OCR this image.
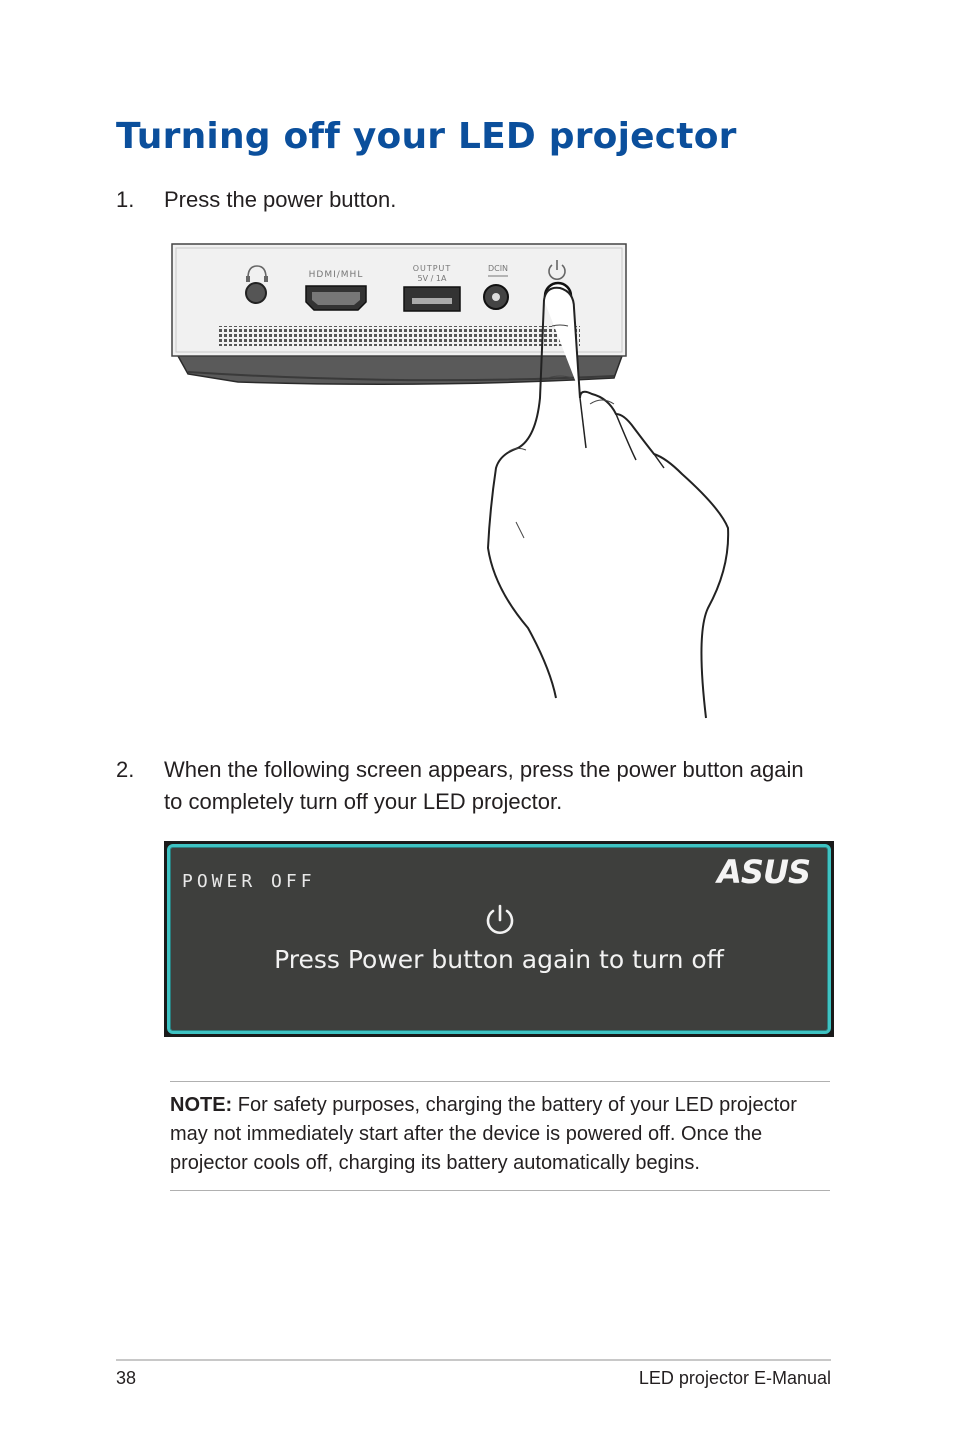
Turning off your LED projector
1. Press the power button.
HDMI/MHL
OUTPUT
5V / 1A
DCIN
2. When the following screen appears, press the power button again to completely turn off your LED projector.
POWER OFF	ASUS
Press Power button again to turn off
NOTE: For safety purposes, charging the battery of your LED projector may not immediately start after the device is powered off. Once the projector cools off, charging its battery automatically begins.
38	LED projector E-Manual
